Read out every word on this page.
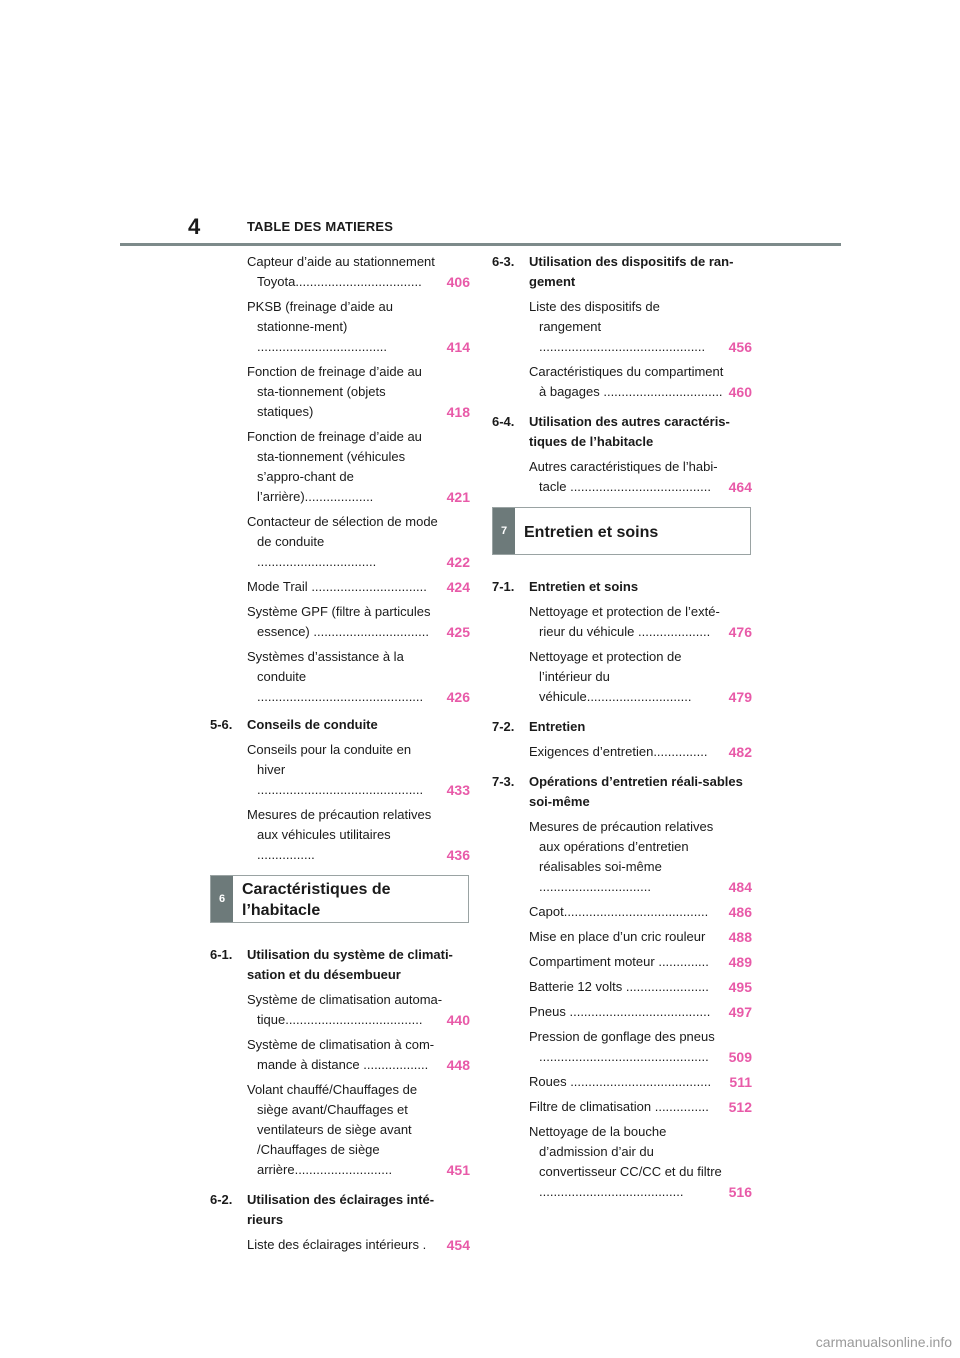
4	TABLE DES MATIERES
Capteur d’aide au stationnement Toyota...................................	406
PKSB (freinage d’aide au stationne-ment) ....................................	414
Fonction de freinage d’aide au sta-tionnement (objets statiques)	418
Fonction de freinage d’aide au sta-tionnement (véhicules s’appro-chant de l’arrière)...................	421
Contacteur de sélection de mode de conduite .................................	422
Mode Trail ................................	424
Système GPF (filtre à particules essence) ................................	425
Systèmes d’assistance à la conduite ..............................................	426
5-6.	Conseils de conduite
Conseils pour la conduite en hiver ..............................................	433
Mesures de précaution relatives aux véhicules utilitaires ................	436
6
Caractéristiques de l’habitacle
6-1.	Utilisation du système de climati-sation et du désembueur
Système de climatisation automa-tique......................................	440
Système de climatisation à com-mande à distance ..................	448
Volant chauffé/Chauffages de siège avant/Chauffages et ventilateurs de siège avant /Chauffages de siège arrière...........................	451
6-2.	Utilisation des éclairages inté-rieurs
Liste des éclairages intérieurs .	454
6-3.	Utilisation des dispositifs de ran-gement
Liste des dispositifs de rangement ..............................................	456
Caractéristiques du compartiment à bagages ................................. 460
6-4.	Utilisation des autres caractéris-tiques de l’habitacle
Autres caractéristiques de l’habi-tacle .......................................	464
7	Entretien et soins
7-1.	Entretien et soins
Nettoyage et protection de l’exté-rieur du véhicule ....................	476
Nettoyage et protection de l’intérieur du véhicule.............................	479
7-2.	Entretien
Exigences d’entretien...............	482
7-3.	Opérations d’entretien réali-sables soi-même
Mesures de précaution relatives aux opérations d’entretien réalisables soi-même ...............................	484
Capot........................................	486
Mise en place d’un cric rouleur	488
Compartiment moteur ..............	489
Batterie 12 volts .......................	495
Pneus .......................................	497
Pression de gonflage des pneus ...............................................	509
Roues .......................................	511
Filtre de climatisation ...............	512
Nettoyage de la bouche d’admission d’air du convertisseur CC/CC et du filtre ........................................	516
carmanualsonline.info
